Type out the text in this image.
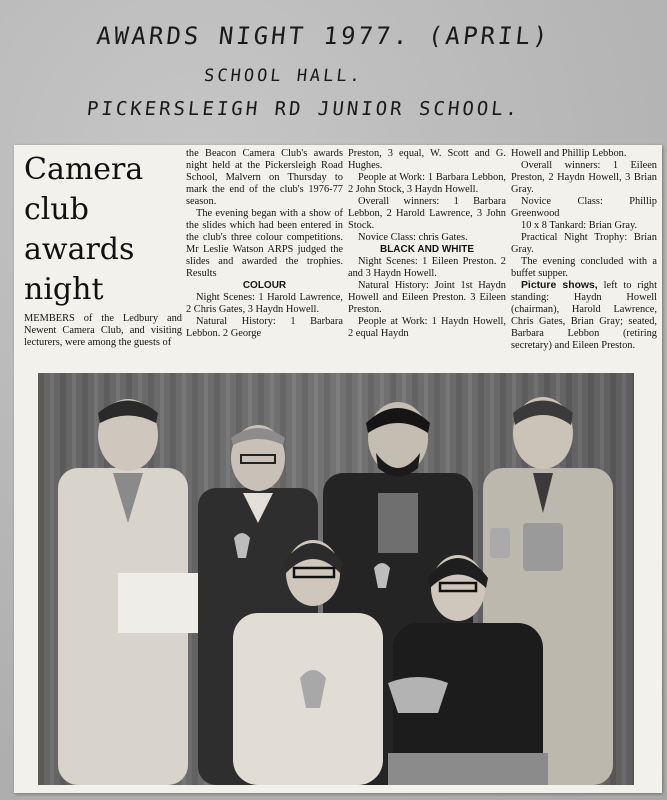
AWARDS NIGHT 1977. (APRIL)
SCHOOL HALL.
PICKERSLEIGH RD JUNIOR SCHOOL.
Camera club awards night
MEMBERS of the Ledbury and Newent Camera Club, and visiting lecturers, were among the guests of

the Beacon Camera Club's awards night held at the Pickersleigh Road School, Malvern on Thursday to mark the end of the club's 1976-77 season.

The evening began with a show of the slides which had been entered in the club's three colour competitions. Mr Leslie Watson ARPS judged the slides and awarded the trophies. Results

COLOUR

Night Scenes: 1 Harold Lawrence, 2 Chris Gates, 3 Haydn Howell.

Natural History: 1 Barbara Lebbon. 2 George

Preston, 3 equal, W. Scott and G. Hughes.

People at Work: 1 Barbara Lebbon, 2 John Stock, 3 Haydn Howell.

Overall winners: 1 Barbara Lebbon, 2 Harold Lawrence, 3 John Stock.

Novice Class: chris Gates.

BLACK AND WHITE

Night Scenes: 1 Eileen Preston. 2 and 3 Haydn Howell.

Natural History: Joint 1st Haydn Howell and Eileen Preston. 3 Eileen Preston.

People at Work: 1 Haydn Howell, 2 equal Haydn

Howell and Phillip Lebbon.

Overall winners: 1 Eileen Preston, 2 Haydn Howell, 3 Brian Gray.

Novice Class: Phillip Greenwood

10 x 8 Tankard: Brian Gray.

Practical Night Trophy: Brian Gray.

The evening concluded with a buffet supper.

Picture shows, left to right standing: Haydn Howell (chairman), Harold Lawrence, Chris Gates, Brian Gray; seated, Barbara Lebbon (retiring secretary) and Eileen Preston.
